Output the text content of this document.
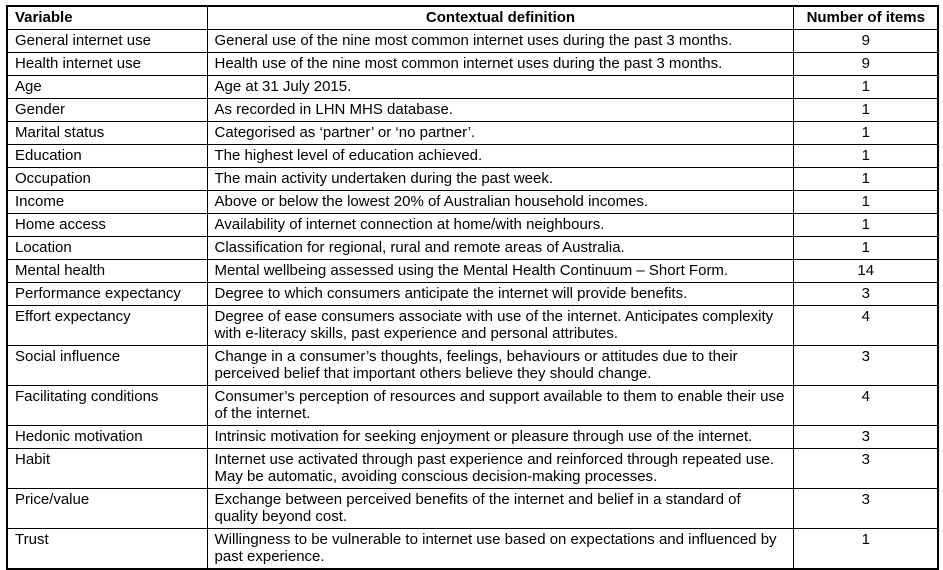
Variable	Contextual definition	Number of items
General internet use	General use of the nine most common internet uses during the past 3 months.	9
Health internet use	Health use of the nine most common internet uses during the past 3 months.	9
Age	Age at 31 July 2015.	1
Gender	As recorded in LHN MHS database.	1
Marital status	Categorised as ‘partner’ or ‘no partner’.	1
Education	The highest level of education achieved.	1
Occupation	The main activity undertaken during the past week.	1
Income	Above or below the lowest 20% of Australian household incomes.	1
Home access	Availability of internet connection at home/with neighbours.	1
Location	Classification for regional, rural and remote areas of Australia.	1
Mental health	Mental wellbeing assessed using the Mental Health Continuum – Short Form.	14
Performance expectancy	Degree to which consumers anticipate the internet will provide benefits.	3
Effort expectancy	Degree of ease consumers associate with use of the internet. Anticipates complexity with e-literacy skills, past experience and personal attributes.	4
Social influence	Change in a consumer’s thoughts, feelings, behaviours or attitudes due to their perceived belief that important others believe they should change.	3
Facilitating conditions	Consumer’s perception of resources and support available to them to enable their use of the internet.	4
Hedonic motivation	Intrinsic motivation for seeking enjoyment or pleasure through use of the internet.	3
Habit	Internet use activated through past experience and reinforced through repeated use. May be automatic, avoiding conscious decision-making processes.	3
Price/value	Exchange between perceived benefits of the internet and belief in a standard of quality beyond cost.	3
Trust	Willingness to be vulnerable to internet use based on expectations and influenced by past experience.	1
